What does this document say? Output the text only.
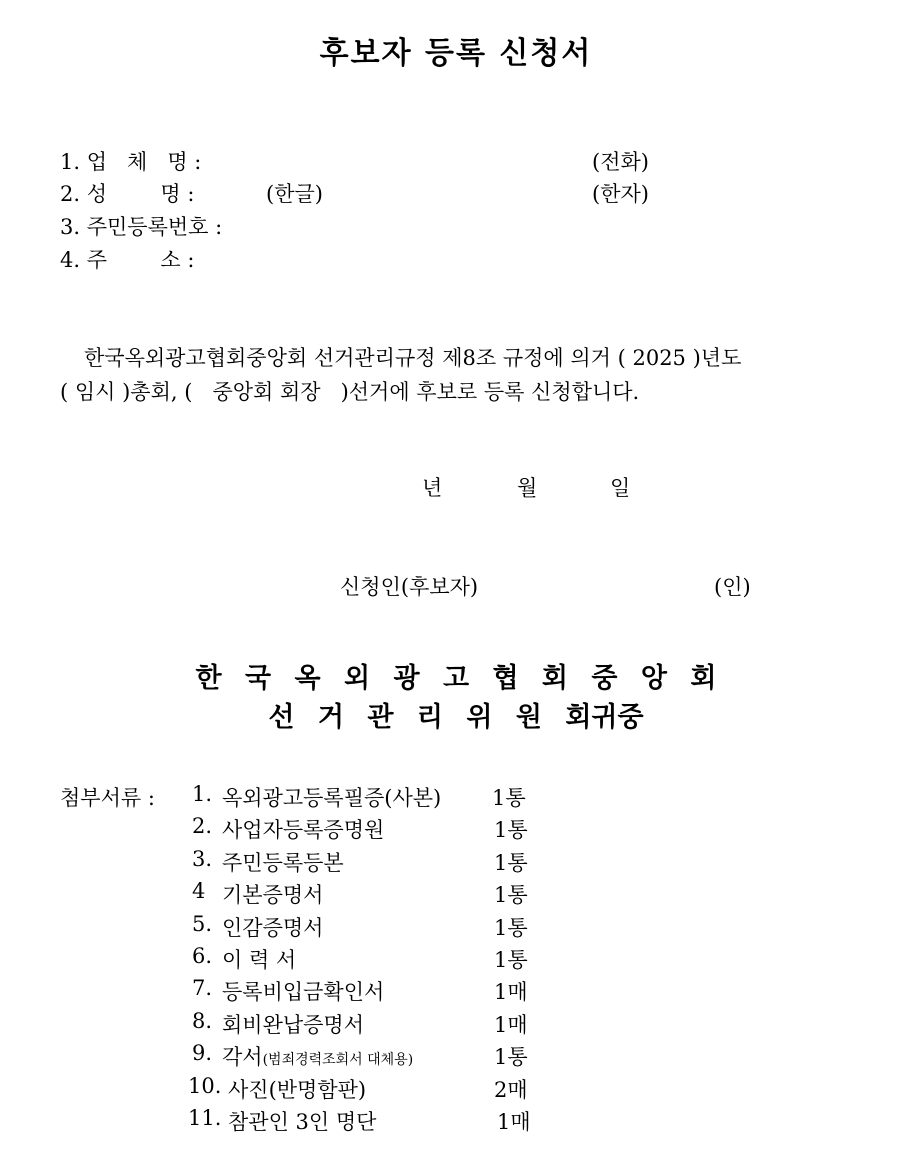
후보자 등록 신청서
1. 업   체   명 :	(전화)
2. 성        명 :	(한글)	(한자)
3. 주민등록번호 :
4. 주        소 :
한국옥외광고협회중앙회 선거관리규정 제8조 규정에 의거 ( 2025 )년도
( 임시 )총회, (   중앙회 회장   )선거에 후보로 등록 신청합니다.
년	월	일
신청인(후보자)	(인)
한 국 옥 외 광 고 협 회 중 앙 회
선 거 관 리 위 원 회귀중
첨부서류 : 1. 옥외광고등록필증(사본) 1통
2. 사업자등록증명원	1통
3. 주민등록등본	1통
4 기본증명서	1통
5. 인감증명서	1통
6. 이 력 서	1통
7. 등록비입금확인서	1매
8. 회비완납증명서	1매
9. 각서(범죄경력조회서 대체용)	1통
10. 사진(반명함판)	2매
11. 참관인 3인 명단	1매
